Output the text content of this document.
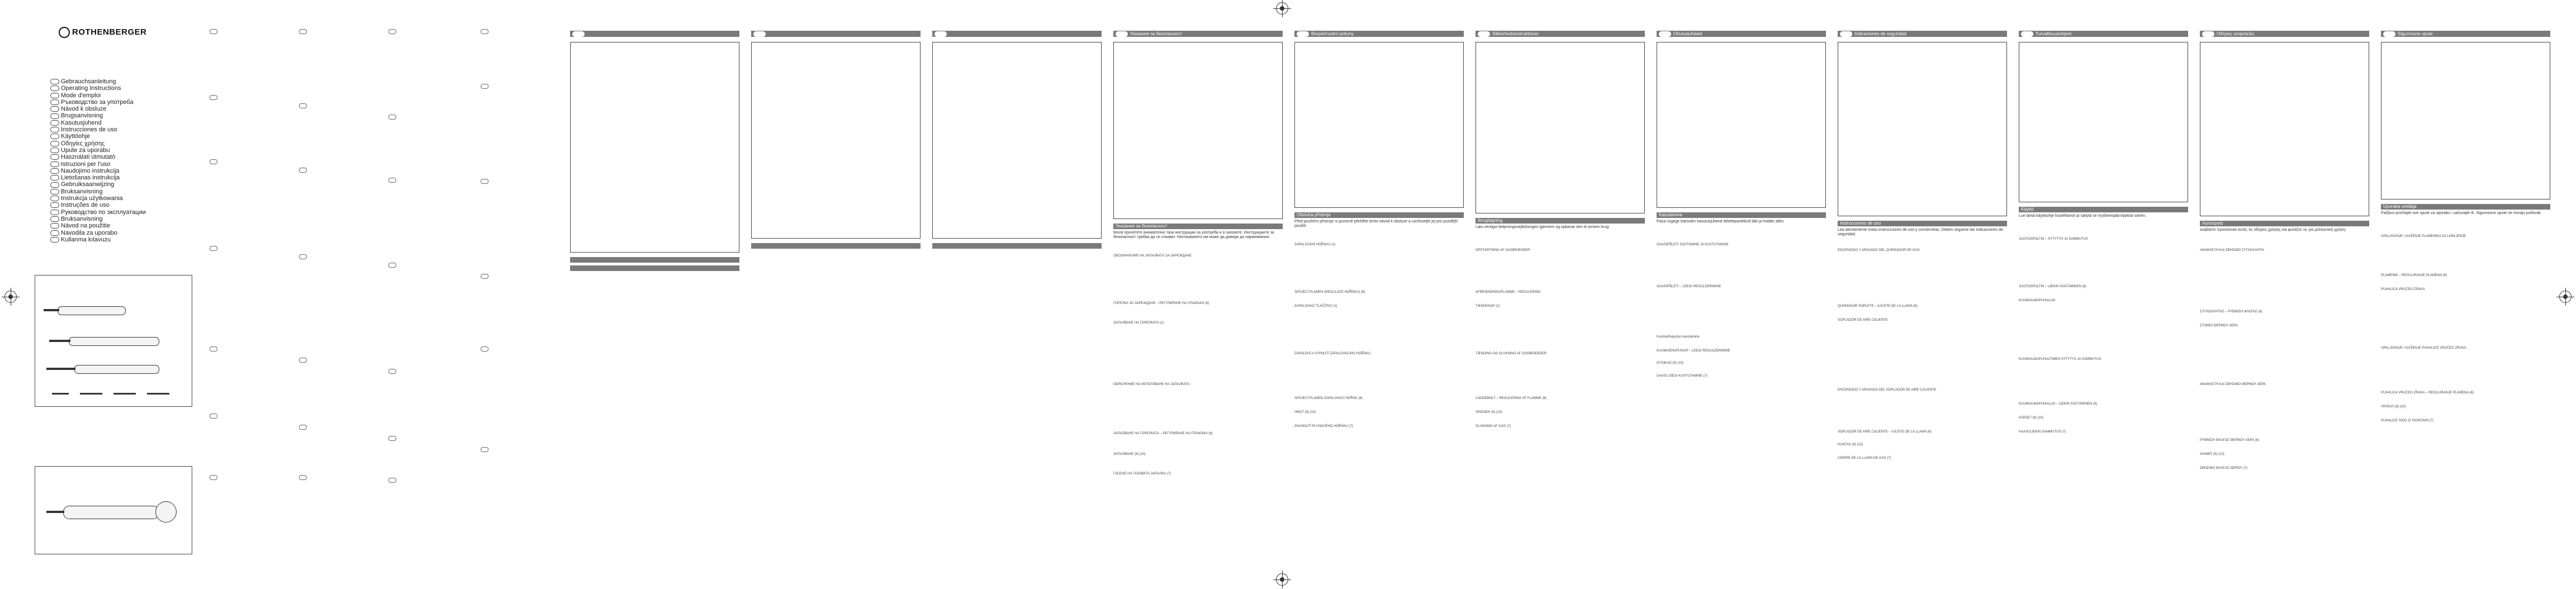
ROTHENBERGER
Gebrauchsanleitung
Operating Instructions
Mode d'emploi
Ръководство за употреба
Návod k obsluze
Brugsanvisning
Kasutusjuhend
Instrucciones de uso
Käyttöohje
Οδηγίες χρήσης
Upute za uporabu
Használati útmutató
Istruzioni per l'uso
Naudojimo instrukcija
Lietošanas instrukcija
Gebruiksaanwijzing
Bruksanvisning
Instrukcja użytkowania
Instruções de uso
Руководство по эксплуатации
Bruksanvisning
Návod na použitie
Navodila za uporabo
Kullanma kılavuzu
Указания за безопасност
Указания за безопасност
Моля прочетете внимателно тази инструкция за употреба и я запазете. Инструкциите за безопасност трябва да се спазват. Неспазването им може да доведе до наранявания.
ОБОЗНАЧЕНИЕ НА ЗАПАЛКАТА ЗА ЗАРЕЖДАНЕ
ГОРЕЛКА ЗА ЗАРЕЖДАНЕ – РЕГУЛИРАНЕ НА ПЛАМЪКА (6)
ЗАПАЛВАНЕ НА ГОРЕЛКАТА (1)
ОБЯСНЕНИЕ НА ИЗПОЛЗВАНЕ НА ЗАПАЛКАТА
ЗАПАЛВАНЕ НА ГОРЕЛКАТА – РЕГУЛИРАНЕ НА ПЛАМЪКА (6)
ЗАПАЛВАНЕ (9) (10)
ГАСЕНЕ НА ГАЗОВАТА ЗАПАЛКА (7)
Bezpečnostní pokyny
Obsluha přístroje
Před použitím přístroje si pozorně přečtěte tento návod k obsluze a uschovejte jej pro pozdější použití.
ZAPALOVÁNÍ HOŘÁKU (1)
SPÁJECÍ PLAMEN (REGULACE HOŘÁKU) (6)
ZAPALOVACÍ TLAČÍTKO (1)
ZAPÁLENÍ A VYPNUTÍ ZAPALOVACÍHO HOŘÁKU
SPÁJECÍ PLAMEN ZAPALOVACÍ HOŘÁK (6)
HROT (9) (10)
ZHASNUTÍ PLYNOVÉHO HOŘÁKU (7)
Sikkerhedsinstruktioner
Ibrugtagning
Læs venligst betjeningsvejledningen igennem og opbevar den til senere brug.
OPSTARTNING AF GASBRÆNDER
AFBRÆNDINGSFLAMME – REGULERING
TÆNDKNAP (1)
TÆNDING OG SLUKNING AF GASBRÆNDER
LODDEBOLT – REGULERING AF FLAMME (6)
SPIDSER (9) (10)
SLUKNING AF GAS (7)
Ohutusjuhised
Kasutamine
Palun lugege käesolev kasutusjuhend tähelepanelikult läbi ja hoidke alles.
GAASIPÕLETI SÜÜTAMINE JA KUSTUTAMINE
GAASIPÕLETI – LEEGI REGULEERIMINE
Kuumaõhupuhur kasutamine
KUUMAÕHUPUHUR – LEEGI REGULEERIMINE
OTSIKUD (9) (10)
GAASI LEEGI KUSTUTAMINE (7)
Indicaciones de seguridad
Instrucciones de uso
Lea atentamente estas instrucciones de uso y consérvelas. Deben seguirse las indicaciones de seguridad.
ENCENDIDO Y APAGADO DEL QUEMADOR DE GAS
QUEMADOR SOPLETE – AJUSTE DE LA LLAMA (6)
SOPLADOR DE AIRE CALIENTE
ENCENDIDO Y APAGADO DEL SOPLADOR DE AIRE CALIENTE
SOPLADOR DE AIRE CALIENTE – AJUSTE DE LA LLAMA (6)
PUNTAS (9) (10)
CIERRE DE LA LLAMA DE GAS (7)
Turvallisuusohjeet
Käyttö
Lue tämä käyttöohje huolellisesti ja säilytä se myöhempää käyttöä varten.
JUOTOSPOLTIN – SYTYTYS JA SAMMUTUS
JUOTOSPOLTIN – LIEKIN SÄÄTÄMINEN (6)
KUUMAILMAPUHALLIN
KUUMAILMAPUHALTIMEN SYTYTYS JA SAMMUTUS
KUUMAILMAPUHALLIN – LIEKIN SÄÄTÄMINEN (6)
KÄRJET (9) (10)
KAASULIEKIN SAMMUTUS (7)
Οδηγίες ασφαλείας
Λειτουργία
Διαβάστε προσεκτικά αυτές τις οδηγίες χρήσης και φυλάξτε τις για μελλοντική χρήση.
ΑΝΑΦΛΕΞΗ ΚΑΙ ΣΒΗΣΙΜΟ ΣΥΓΚΟΛΛΗΤΗ
ΣΥΓΚΟΛΛΗΤΗΣ – ΡΥΘΜΙΣΗ ΦΛΟΓΑΣ (6)
ΣΤΟΜΙΟ ΘΕΡΜΟΥ ΑΕΡΑ
ΑΝΑΦΛΕΞΗ ΚΑΙ ΣΒΗΣΙΜΟ ΘΕΡΜΟΥ ΑΕΡΑ
ΡΥΘΜΙΣΗ ΦΛΟΓΑΣ ΘΕΡΜΟΥ ΑΕΡΑ (6)
ΑΙΧΜΕΣ (9) (10)
ΣΒΗΣΙΜΟ ΦΛΟΓΑΣ ΑΕΡΙΟΥ (7)
Sigurnosne upute
Uporaba uređaja
Pažljivo pročitajte ove upute za uporabu i sačuvajte ih. Sigurnosne upute se moraju poštivati.
UPALJIVANJE I GAŠENJE PLAMENIKA ZA LEMLJENJE
PLAMENIK – REGULIRANJE PLAMENA (6)
PUHALICA VRUĆEG ZRAKA
UPALJIVANJE I GAŠENJE PUHALICE VRUĆEG ZRAKA
PUHALICA VRUĆEG ZRAKA – REGULIRANJE PLAMENA (6)
VRHOVI (9) (10)
PUHALICE SIGO ZI ISOKIOVM (7)
